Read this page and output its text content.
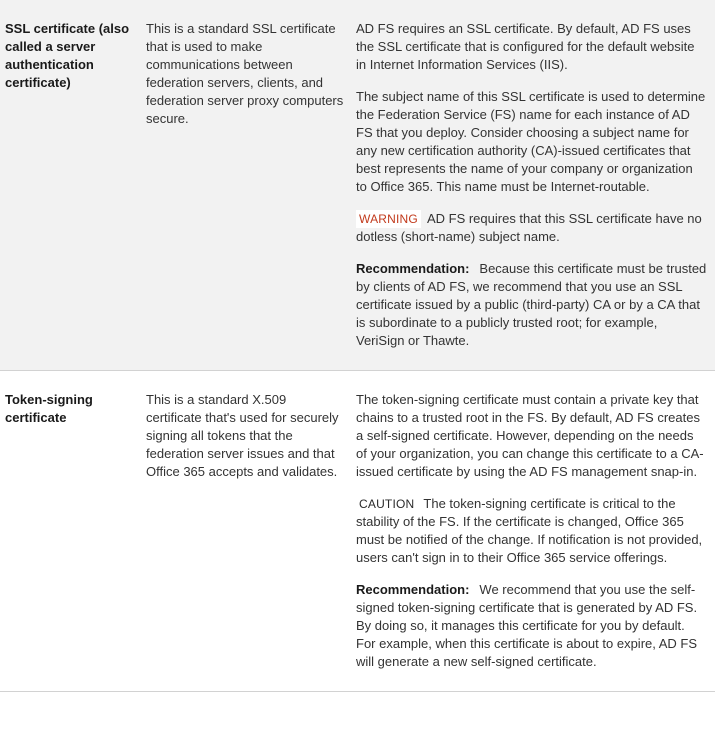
SSL certificate (also called a server authentication certificate)	This is a standard SSL certificate that is used to make communications between federation servers, clients, and federation server proxy computers secure.	AD FS requires an SSL certificate. By default, AD FS uses the SSL certificate that is configured for the default website in Internet Information Services (IIS).

The subject name of this SSL certificate is used to determine the Federation Service (FS) name for each instance of AD FS that you deploy. Consider choosing a subject name for any new certification authority (CA)-issued certificates that best represents the name of your company or organization to Office 365. This name must be Internet-routable.

WARNING AD FS requires that this SSL certificate have no dotless (short-name) subject name.

Recommendation: Because this certificate must be trusted by clients of AD FS, we recommend that you use an SSL certificate issued by a public (third-party) CA or by a CA that is subordinate to a publicly trusted root; for example, VeriSign or Thawte.

Token-signing certificate	This is a standard X.509 certificate that's used for securely signing all tokens that the federation server issues and that Office 365 accepts and validates.	The token-signing certificate must contain a private key that chains to a trusted root in the FS. By default, AD FS creates a self-signed certificate. However, depending on the needs of your organization, you can change this certificate to a CA-issued certificate by using the AD FS management snap-in.

CAUTION The token-signing certificate is critical to the stability of the FS. If the certificate is changed, Office 365 must be notified of the change. If notification is not provided, users can't sign in to their Office 365 service offerings.

Recommendation: We recommend that you use the self-signed token-signing certificate that is generated by AD FS. By doing so, it manages this certificate for you by default. For example, when this certificate is about to expire, AD FS will generate a new self-signed certificate.
